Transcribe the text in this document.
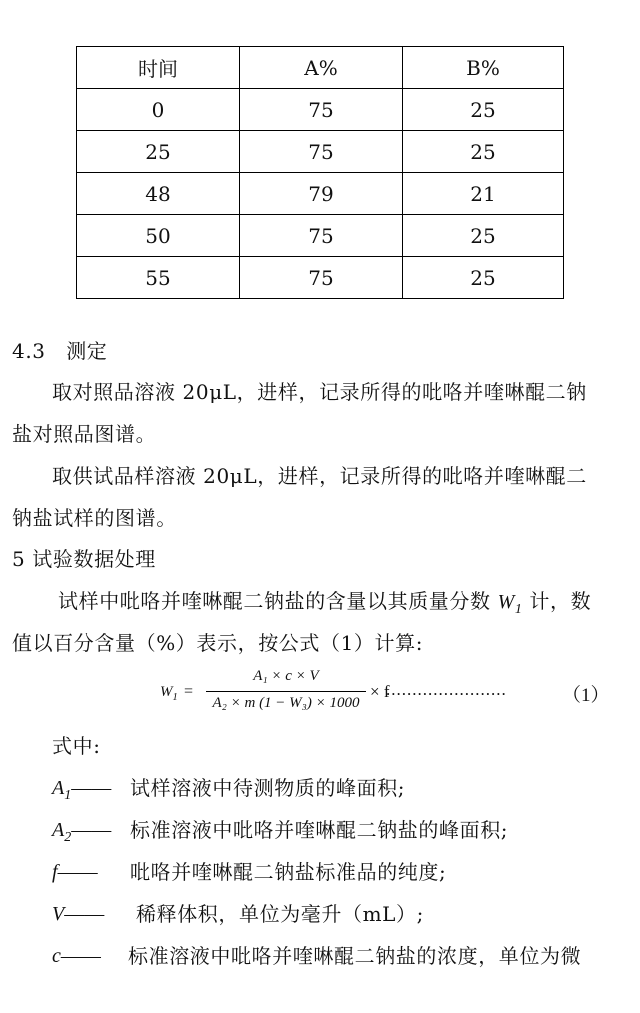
时间	A%	B%
0	75	25
25	75	25
48	79	21
50	75	25
55	75	25
4.3　测定
取对照品溶液 20μL，进样，记录所得的吡咯并喹啉醌二钠
盐对照品图谱。
取供试品样溶液 20μL，进样，记录所得的吡咯并喹啉醌二
钠盐试样的图谱。
5 试验数据处理
试样中吡咯并喹啉醌二钠盐的含量以其质量分数 $W_1$ 计，数
值以百分含量（%）表示，按公式（1）计算:
$W_1$ =
A₁ × c × V
A₂ × m (1 − W₃) × 1000
× f
.......................	（1）
式中:
$A_1——$ 试样溶液中待测物质的峰面积;
$A_2——$ 标准溶液中吡咯并喹啉醌二钠盐的峰面积;
f—— 吡咯并喹啉醌二钠盐标准品的纯度;
V—— 稀释体积，单位为毫升（mL）;
c—— 标准溶液中吡咯并喹啉醌二钠盐的浓度，单位为微
